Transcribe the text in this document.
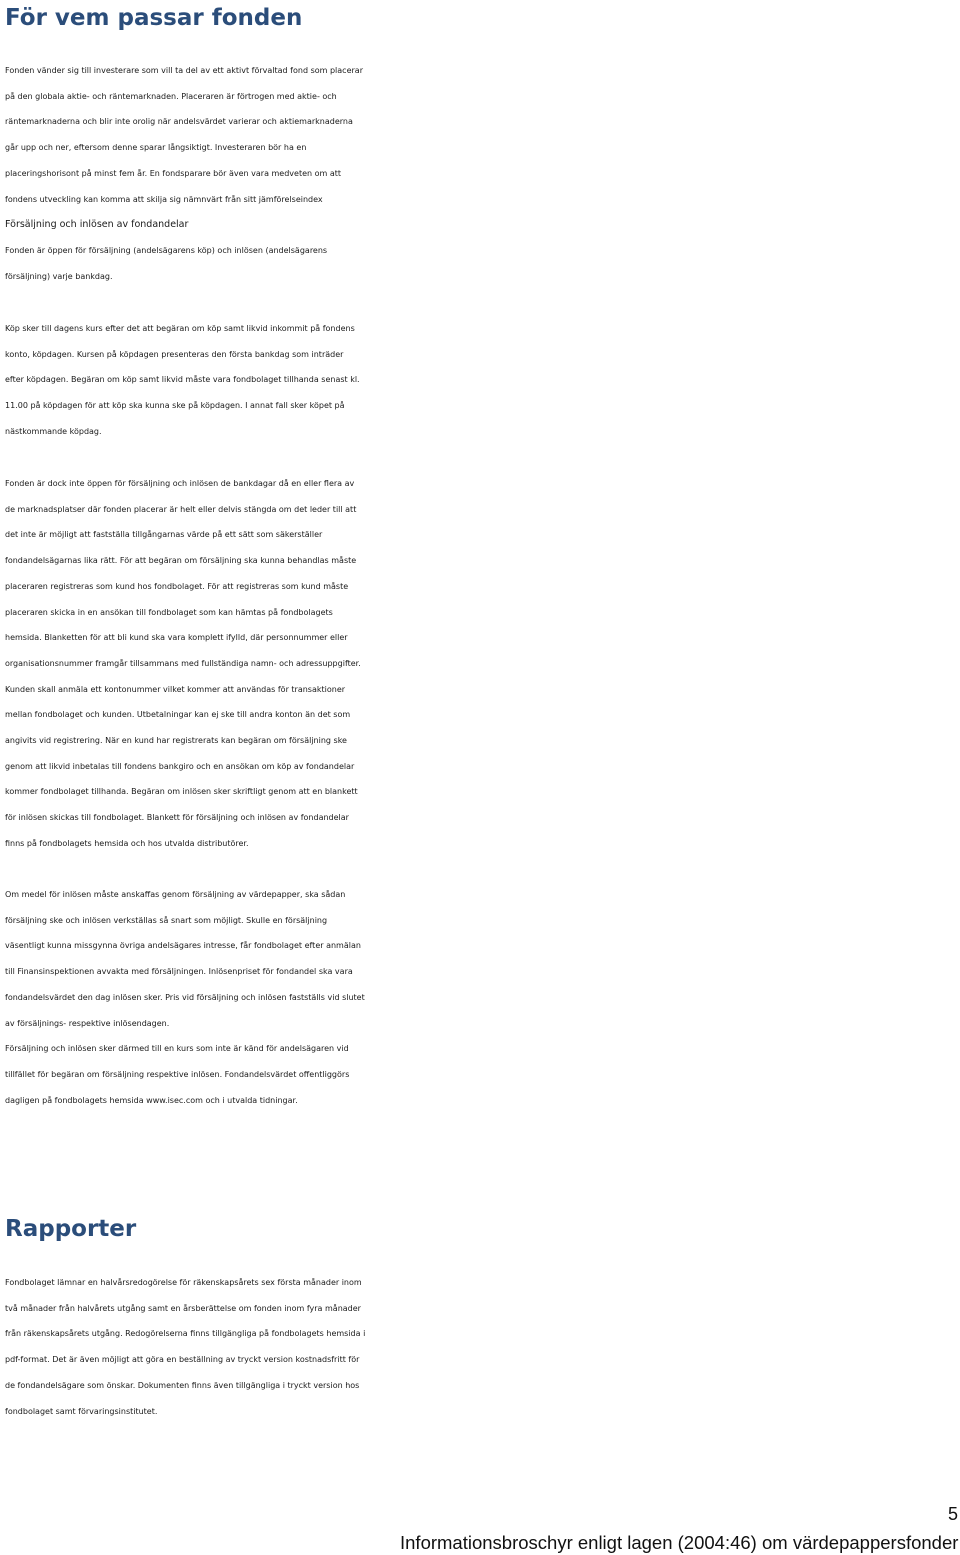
För vem passar fonden
Fonden vänder sig till investerare som vill ta del av ett aktivt förvaltad fond som placerar
på den globala aktie- och räntemarknaden. Placeraren är förtrogen med aktie- och
räntemarknaderna och blir inte orolig när andelsvärdet varierar och aktiemarknaderna
går upp och ner, eftersom denne sparar långsiktigt. Investeraren bör ha en
placeringshorisont på minst fem år. En fondsparare bör även vara medveten om att
fondens utveckling kan komma att skilja sig nämnvärt från sitt jämförelseindex
Försäljning och inlösen av fondandelar
Fonden är öppen för försäljning (andelsägarens köp) och inlösen (andelsägarens
försäljning) varje bankdag.
Köp sker till dagens kurs efter det att begäran om köp samt likvid inkommit på fondens
konto, köpdagen. Kursen på köpdagen presenteras den första bankdag som inträder
efter köpdagen. Begäran om köp samt likvid måste vara fondbolaget tillhanda senast kl.
11.00 på köpdagen för att köp ska kunna ske på köpdagen. I annat fall sker köpet på
nästkommande köpdag.
Fonden är dock inte öppen för försäljning och inlösen de bankdagar då en eller flera av
de marknadsplatser där fonden placerar är helt eller delvis stängda om det leder till att
det inte är möjligt att fastställa tillgångarnas värde på ett sätt som säkerställer
fondandelsägarnas lika rätt. För att begäran om försäljning ska kunna behandlas måste
placeraren registreras som kund hos fondbolaget. För att registreras som kund måste
placeraren skicka in en ansökan till fondbolaget som kan hämtas på fondbolagets
hemsida. Blanketten för att bli kund ska vara komplett ifylld, där personnummer eller
organisationsnummer framgår tillsammans med fullständiga namn- och adressuppgifter.
Kunden skall anmäla ett kontonummer vilket kommer att användas för transaktioner
mellan fondbolaget och kunden. Utbetalningar kan ej ske till andra konton än det som
angivits vid registrering. När en kund har registrerats kan begäran om försäljning ske
genom att likvid inbetalas till fondens bankgiro och en ansökan om köp av fondandelar
kommer fondbolaget tillhanda. Begäran om inlösen sker skriftligt genom att en blankett
för inlösen skickas till fondbolaget. Blankett för försäljning och inlösen av fondandelar
finns på fondbolagets hemsida och hos utvalda distributörer.
Om medel för inlösen måste anskaffas genom försäljning av värdepapper, ska sådan
försäljning ske och inlösen verkställas så snart som möjligt. Skulle en försäljning
väsentligt kunna missgynna övriga andelsägares intresse, får fondbolaget efter anmälan
till Finansinspektionen avvakta med försäljningen. Inlösenpriset för fondandel ska vara
fondandelsvärdet den dag inlösen sker. Pris vid försäljning och inlösen fastställs vid slutet
av försäljnings- respektive inlösendagen.
Försäljning och inlösen sker därmed till en kurs som inte är känd för andelsägaren vid
tillfället för begäran om försäljning respektive inlösen. Fondandelsvärdet offentliggörs
dagligen på fondbolagets hemsida www.isec.com och i utvalda tidningar.
Rapporter
Fondbolaget lämnar en halvårsredogörelse för räkenskapsårets sex första månader inom
två månader från halvårets utgång samt en årsberättelse om fonden inom fyra månader
från räkenskapsårets utgång. Redogörelserna finns tillgängliga på fondbolagets hemsida i
pdf-format. Det är även möjligt att göra en beställning av tryckt version kostnadsfritt för
de fondandelsägare som önskar. Dokumenten finns även tillgängliga i tryckt version hos
fondbolaget samt förvaringsinstitutet.
5
Informationsbroschyr enligt lagen (2004:46) om värdepappersfonder
